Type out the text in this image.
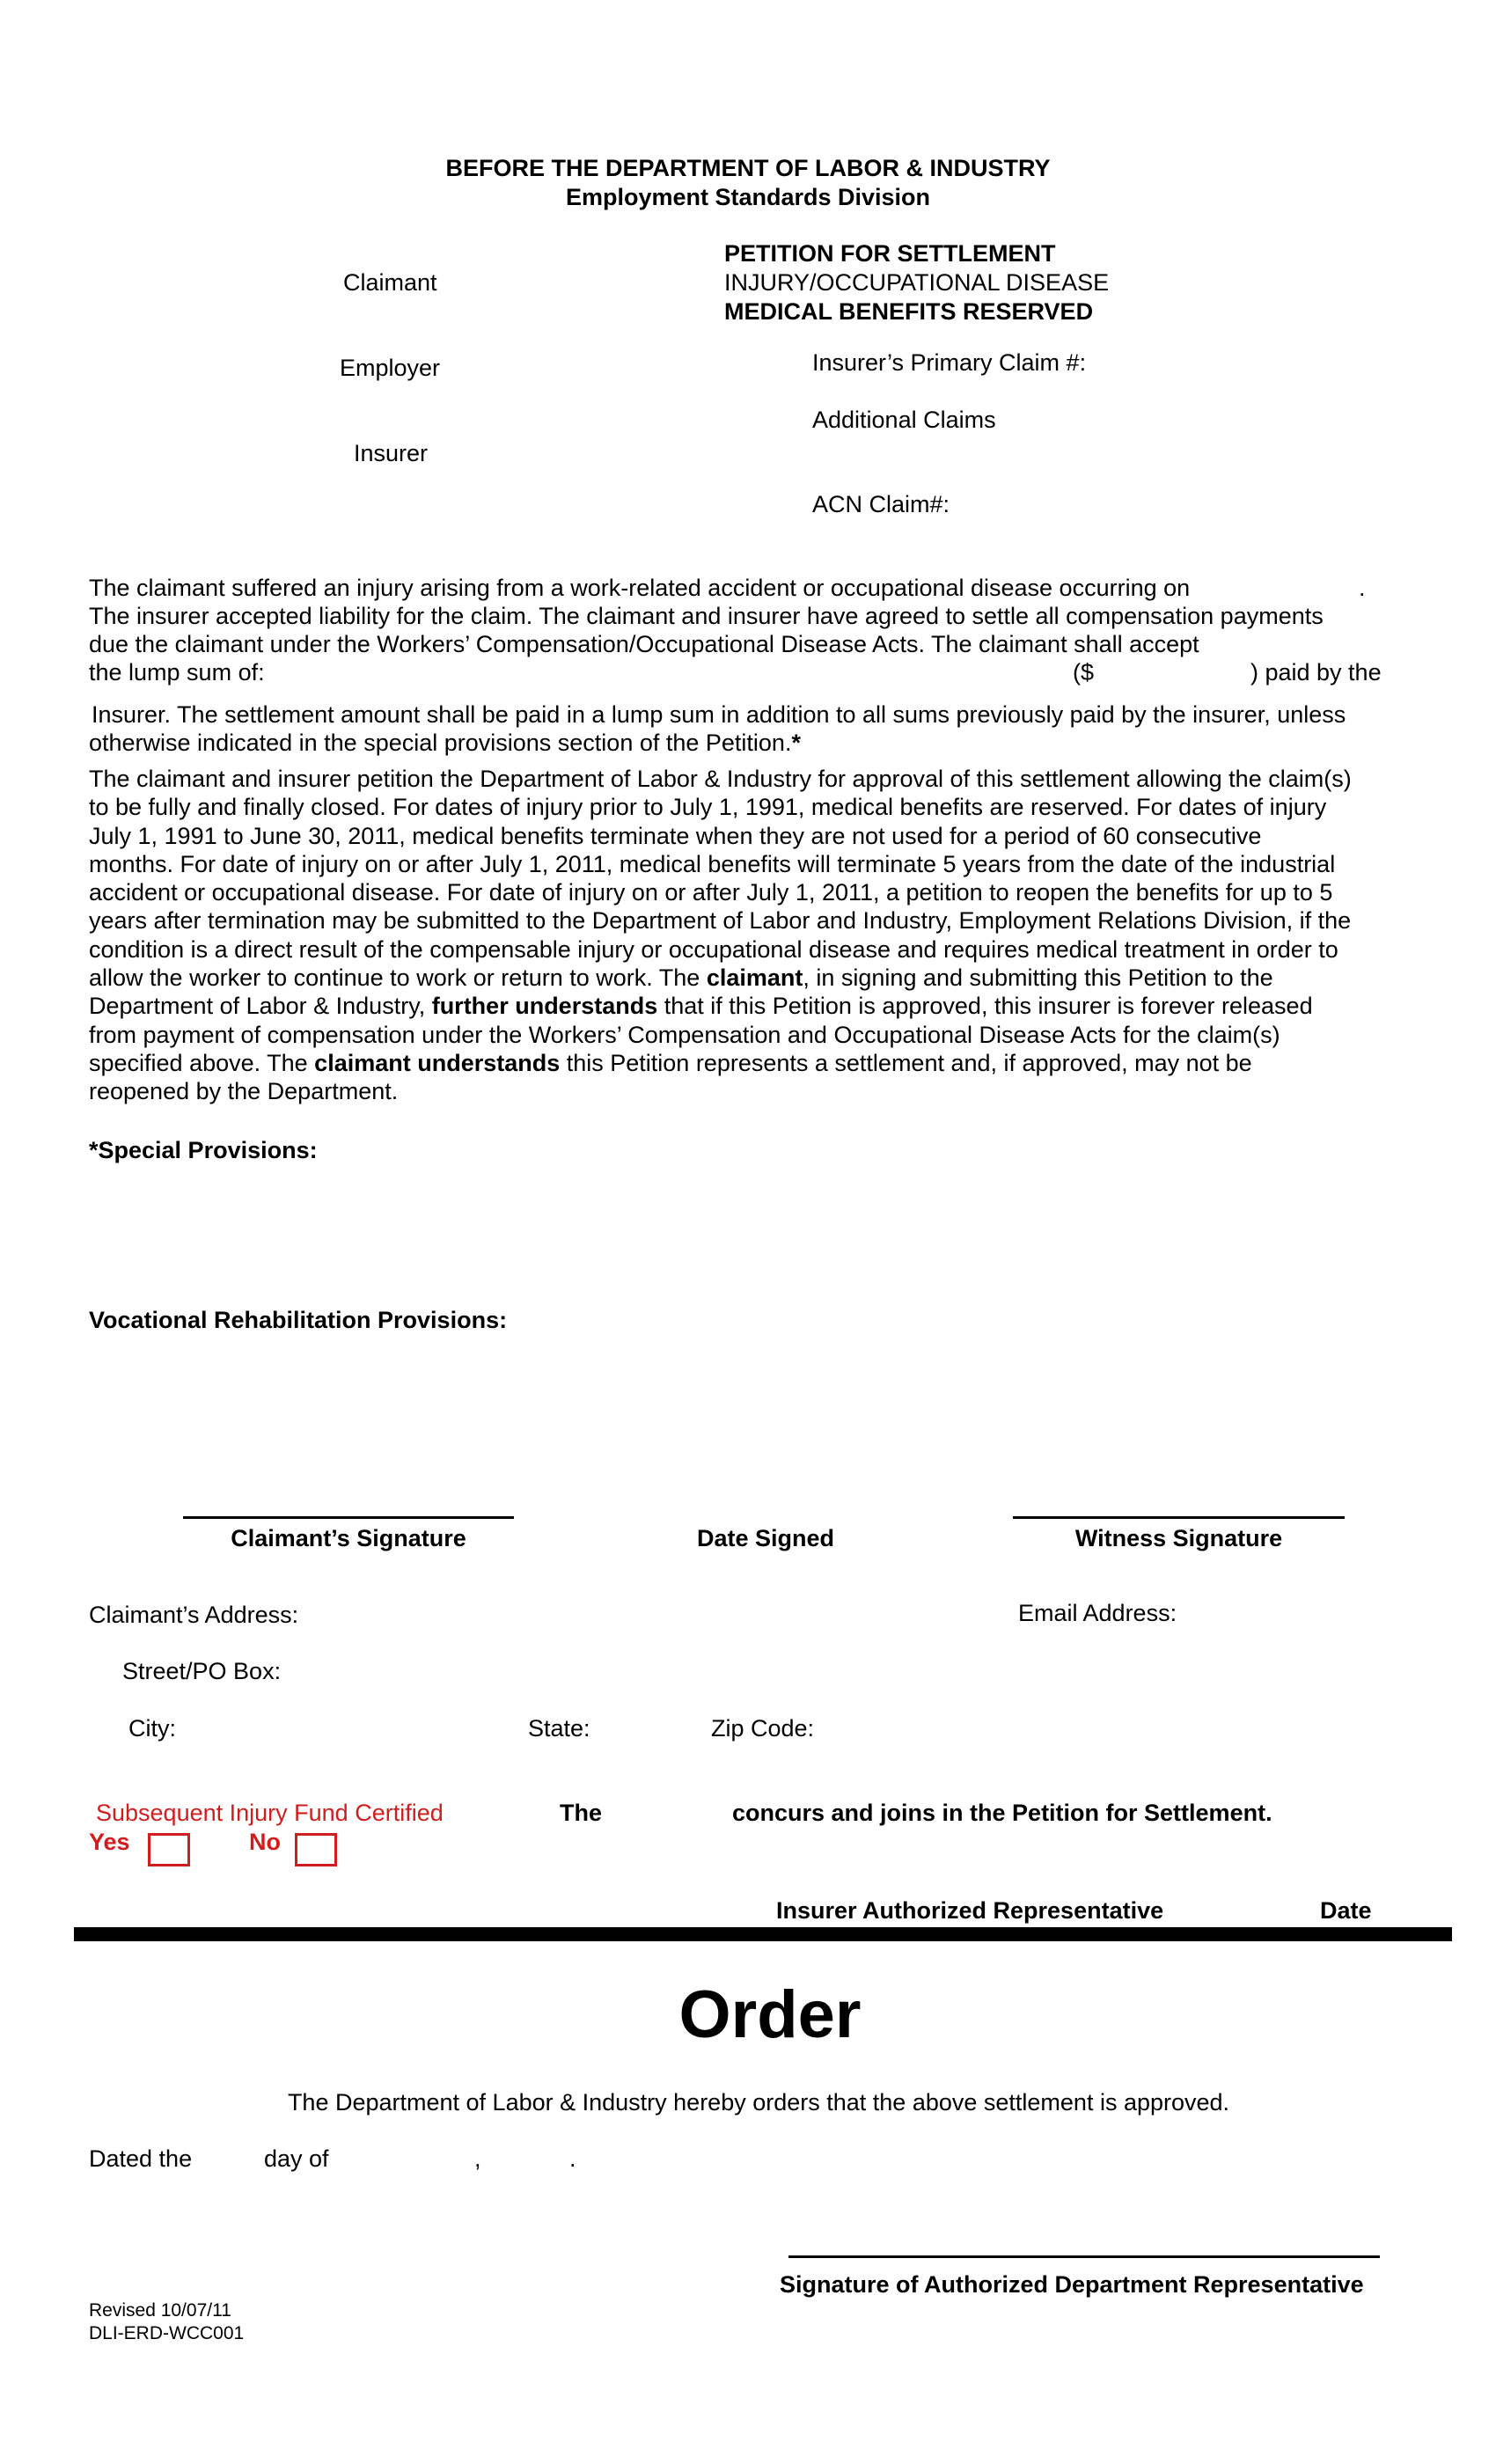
BEFORE THE DEPARTMENT OF LABOR & INDUSTRY
Employment Standards Division
PETITION FOR SETTLEMENT
INJURY/OCCUPATIONAL DISEASE
MEDICAL BENEFITS RESERVED
Claimant
Employer
Insurer
Insurer’s Primary Claim #:
Additional Claims
ACN Claim#:
The claimant suffered an injury arising from a work-related accident or occupational disease occurring on	.
The insurer accepted liability for the claim. The claimant and insurer have agreed to settle all compensation payments
due the claimant under the Workers’ Compensation/Occupational Disease Acts. The claimant shall accept
the lump sum of:	($	) paid by the
Insurer. The settlement amount shall be paid in a lump sum in addition to all sums previously paid by the insurer, unless
otherwise indicated in the special provisions section of the Petition.*

The claimant and insurer petition the Department of Labor & Industry for approval of this settlement allowing the claim(s)

to be fully and finally closed. For dates of injury prior to July 1, 1991, medical benefits are reserved. For dates of injury

July 1, 1991 to June 30, 2011, medical benefits terminate when they are not used for a period of 60 consecutive

months. For date of injury on or after July 1, 2011, medical benefits will terminate 5 years from the date of the industrial

accident or occupational disease. For date of injury on or after July 1, 2011, a petition to reopen the benefits for up to 5

years after termination may be submitted to the Department of Labor and Industry, Employment Relations Division, if the

condition is a direct result of the compensable injury or occupational disease and requires medical treatment in order to

allow the worker to continue to work or return to work. The claimant, in signing and submitting this Petition to the

Department of Labor & Industry, further understands that if this Petition is approved, this insurer is forever released

from payment of compensation under the Workers’ Compensation and Occupational Disease Acts for the claim(s)

specified above. The claimant understands this Petition represents a settlement and, if approved, may not be

reopened by the Department.

*Special Provisions:
Vocational Rehabilitation Provisions:
Claimant’s Signature	Date Signed	Witness Signature
Claimant’s Address:	Email Address:
Street/PO Box:
City:	State:	Zip Code:
Subsequent Injury Fund Certified
Yes	No
The	concurs and joins in the Petition for Settlement.
Insurer Authorized Representative	Date
Order
The Department of Labor & Industry hereby orders that the above settlement is approved.
Dated the	day of	,	.
Signature of Authorized Department Representative
Revised 10/07/11
DLI-ERD-WCC001
